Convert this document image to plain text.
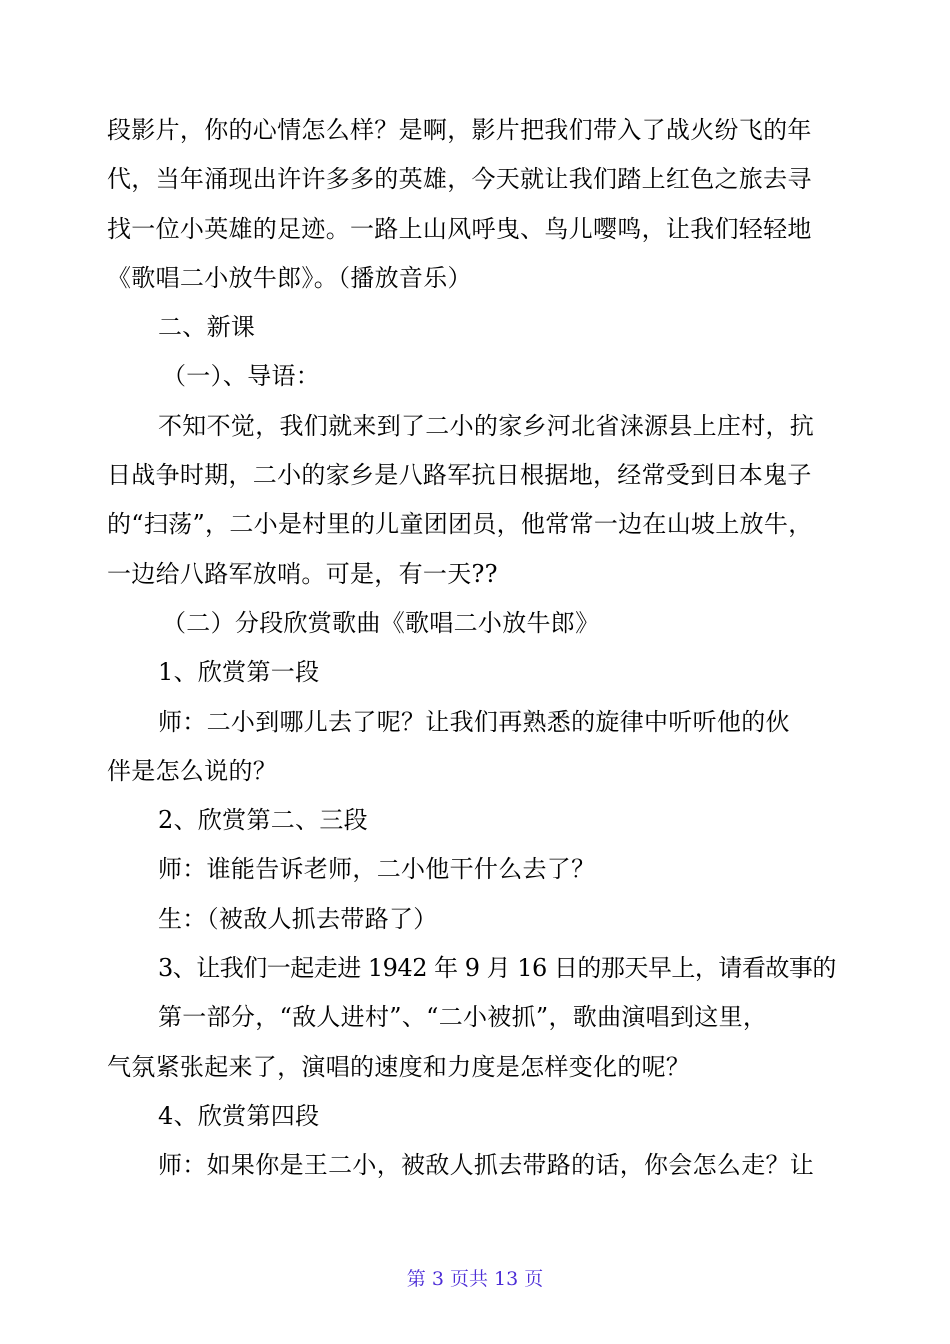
段影片，你的心情怎么样？是啊，影片把我们带入了战火纷飞的年

代，当年涌现出许许多多的英雄，今天就让我们踏上红色之旅去寻

找一位小英雄的足迹。一路上山风呼曳、鸟儿嘤鸣，让我们轻轻地

《歌唱二小放牛郎》。（播放音乐）

二、新课

（一）、导语：

不知不觉，我们就来到了二小的家乡河北省涞源县上庄村，抗

日战争时期，二小的家乡是八路军抗日根据地，经常受到日本鬼子

的“扫荡”，二小是村里的儿童团团员，他常常一边在山坡上放牛，

一边给八路军放哨。可是，有一天??

（二）分段欣赏歌曲《歌唱二小放牛郎》

1、欣赏第一段

师：二小到哪儿去了呢？让我们再熟悉的旋律中听听他的伙

伴是怎么说的？

2、欣赏第二、三段

师：谁能告诉老师，二小他干什么去了？

生：（被敌人抓去带路了）

3、让我们一起走进 1942 年 9 月 16 日的那天早上，请看故事的

第一部分，“敌人进村”、“二小被抓”，歌曲演唱到这里，

气氛紧张起来了，演唱的速度和力度是怎样变化的呢？

4、欣赏第四段

师：如果你是王二小，被敌人抓去带路的话，你会怎么走？让

第 3 页共 13 页
